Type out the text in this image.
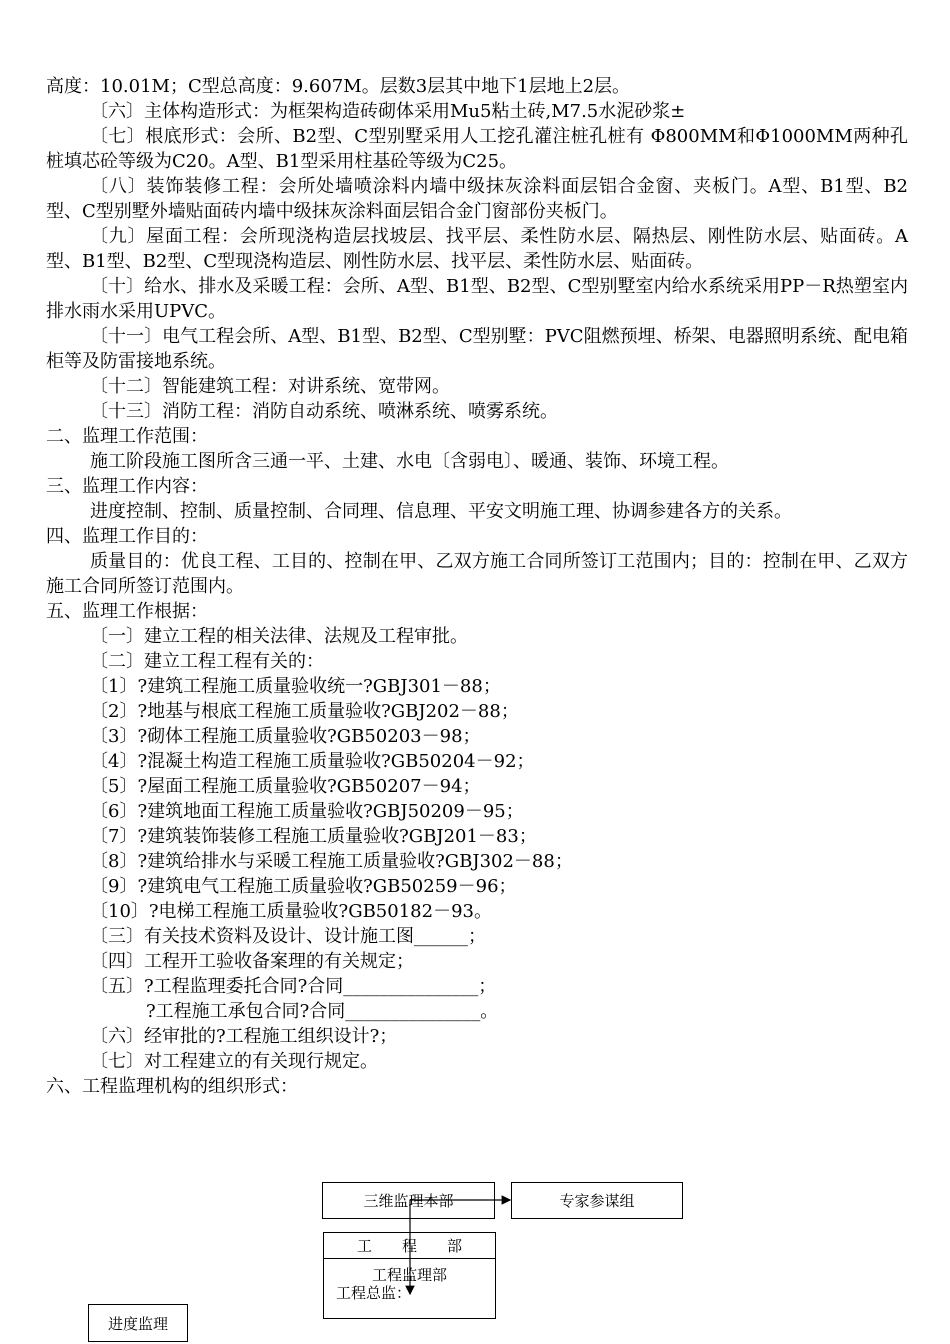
高度：10.01M；C型总高度：9.607M。层数3层其中地下1层地上2层。

〔六〕主体构造形式：为框架构造砖砌体采用Mu5粘土砖,M7.5水泥砂浆±

〔七〕根底形式：会所、B2型、C型别墅采用人工挖孔灌注桩孔桩有 Φ800MM和Φ1000MM两种孔桩填芯砼等级为C20。A型、B1型采用柱基砼等级为C25。

〔八〕装饰装修工程：会所处墙喷涂料内墙中级抹灰涂料面层铝合金窗、夹板门。A型、B1型、B2型、C型别墅外墙贴面砖内墙中级抹灰涂料面层铝合金门窗部份夹板门。

〔九〕屋面工程：会所现浇构造层找坡层、找平层、柔性防水层、隔热层、刚性防水层、贴面砖。A型、B1型、B2型、C型现浇构造层、刚性防水层、找平层、柔性防水层、贴面砖。

〔十〕给水、排水及采暖工程：会所、A型、B1型、B2型、C型别墅室内给水系统采用PP－R热塑室内排水雨水采用UPVC。

〔十一〕电气工程会所、A型、B1型、B2型、C型别墅：PVC阻燃预埋、桥架、电器照明系统、配电箱柜等及防雷接地系统。

〔十二〕智能建筑工程：对讲系统、宽带网。

〔十三〕消防工程：消防自动系统、喷淋系统、喷雾系统。

二、监理工作范围：

施工阶段施工图所含三通一平、土建、水电〔含弱电〕、暖通、装饰、环境工程。

三、监理工作内容：

进度控制、控制、质量控制、合同理、信息理、平安文明施工理、协调参建各方的关系。

四、监理工作目的：

质量目的：优良工程、工目的、控制在甲、乙双方施工合同所签订工范围内；目的：控制在甲、乙双方施工合同所签订范围内。

五、监理工作根据：

〔一〕建立工程的相关法律、法规及工程审批。

〔二〕建立工程工程有关的：

〔1〕?建筑工程施工质量验收统一?GBJ301－88；

〔2〕?地基与根底工程施工质量验收?GBJ202－88；

〔3〕?砌体工程施工质量验收?GB50203－98；

〔4〕?混凝土构造工程施工质量验收?GB50204－92；

〔5〕?屋面工程施工质量验收?GB50207－94；

〔6〕?建筑地面工程施工质量验收?GBJ50209－95；

〔7〕?建筑装饰装修工程施工质量验收?GBJ201－83；

〔8〕?建筑给排水与采暖工程施工质量验收?GBJ302－88；

〔9〕?建筑电气工程施工质量验收?GB50259－96；

〔10〕?电梯工程施工质量验收?GB50182－93。

〔三〕有关技术资料及设计、设计施工图______；

〔四〕工程开工验收备案理的有关规定；

〔五〕?工程监理委托合同?合同_______________；

?工程施工承包合同?合同_______________。

〔六〕经审批的?工程施工组织设计?；

〔七〕对工程建立的有关现行规定。

六、工程监理机构的组织形式：

三维监理本部	专家参谋组
工　　程　　部
工程监理部
工程总监：
进度监理
